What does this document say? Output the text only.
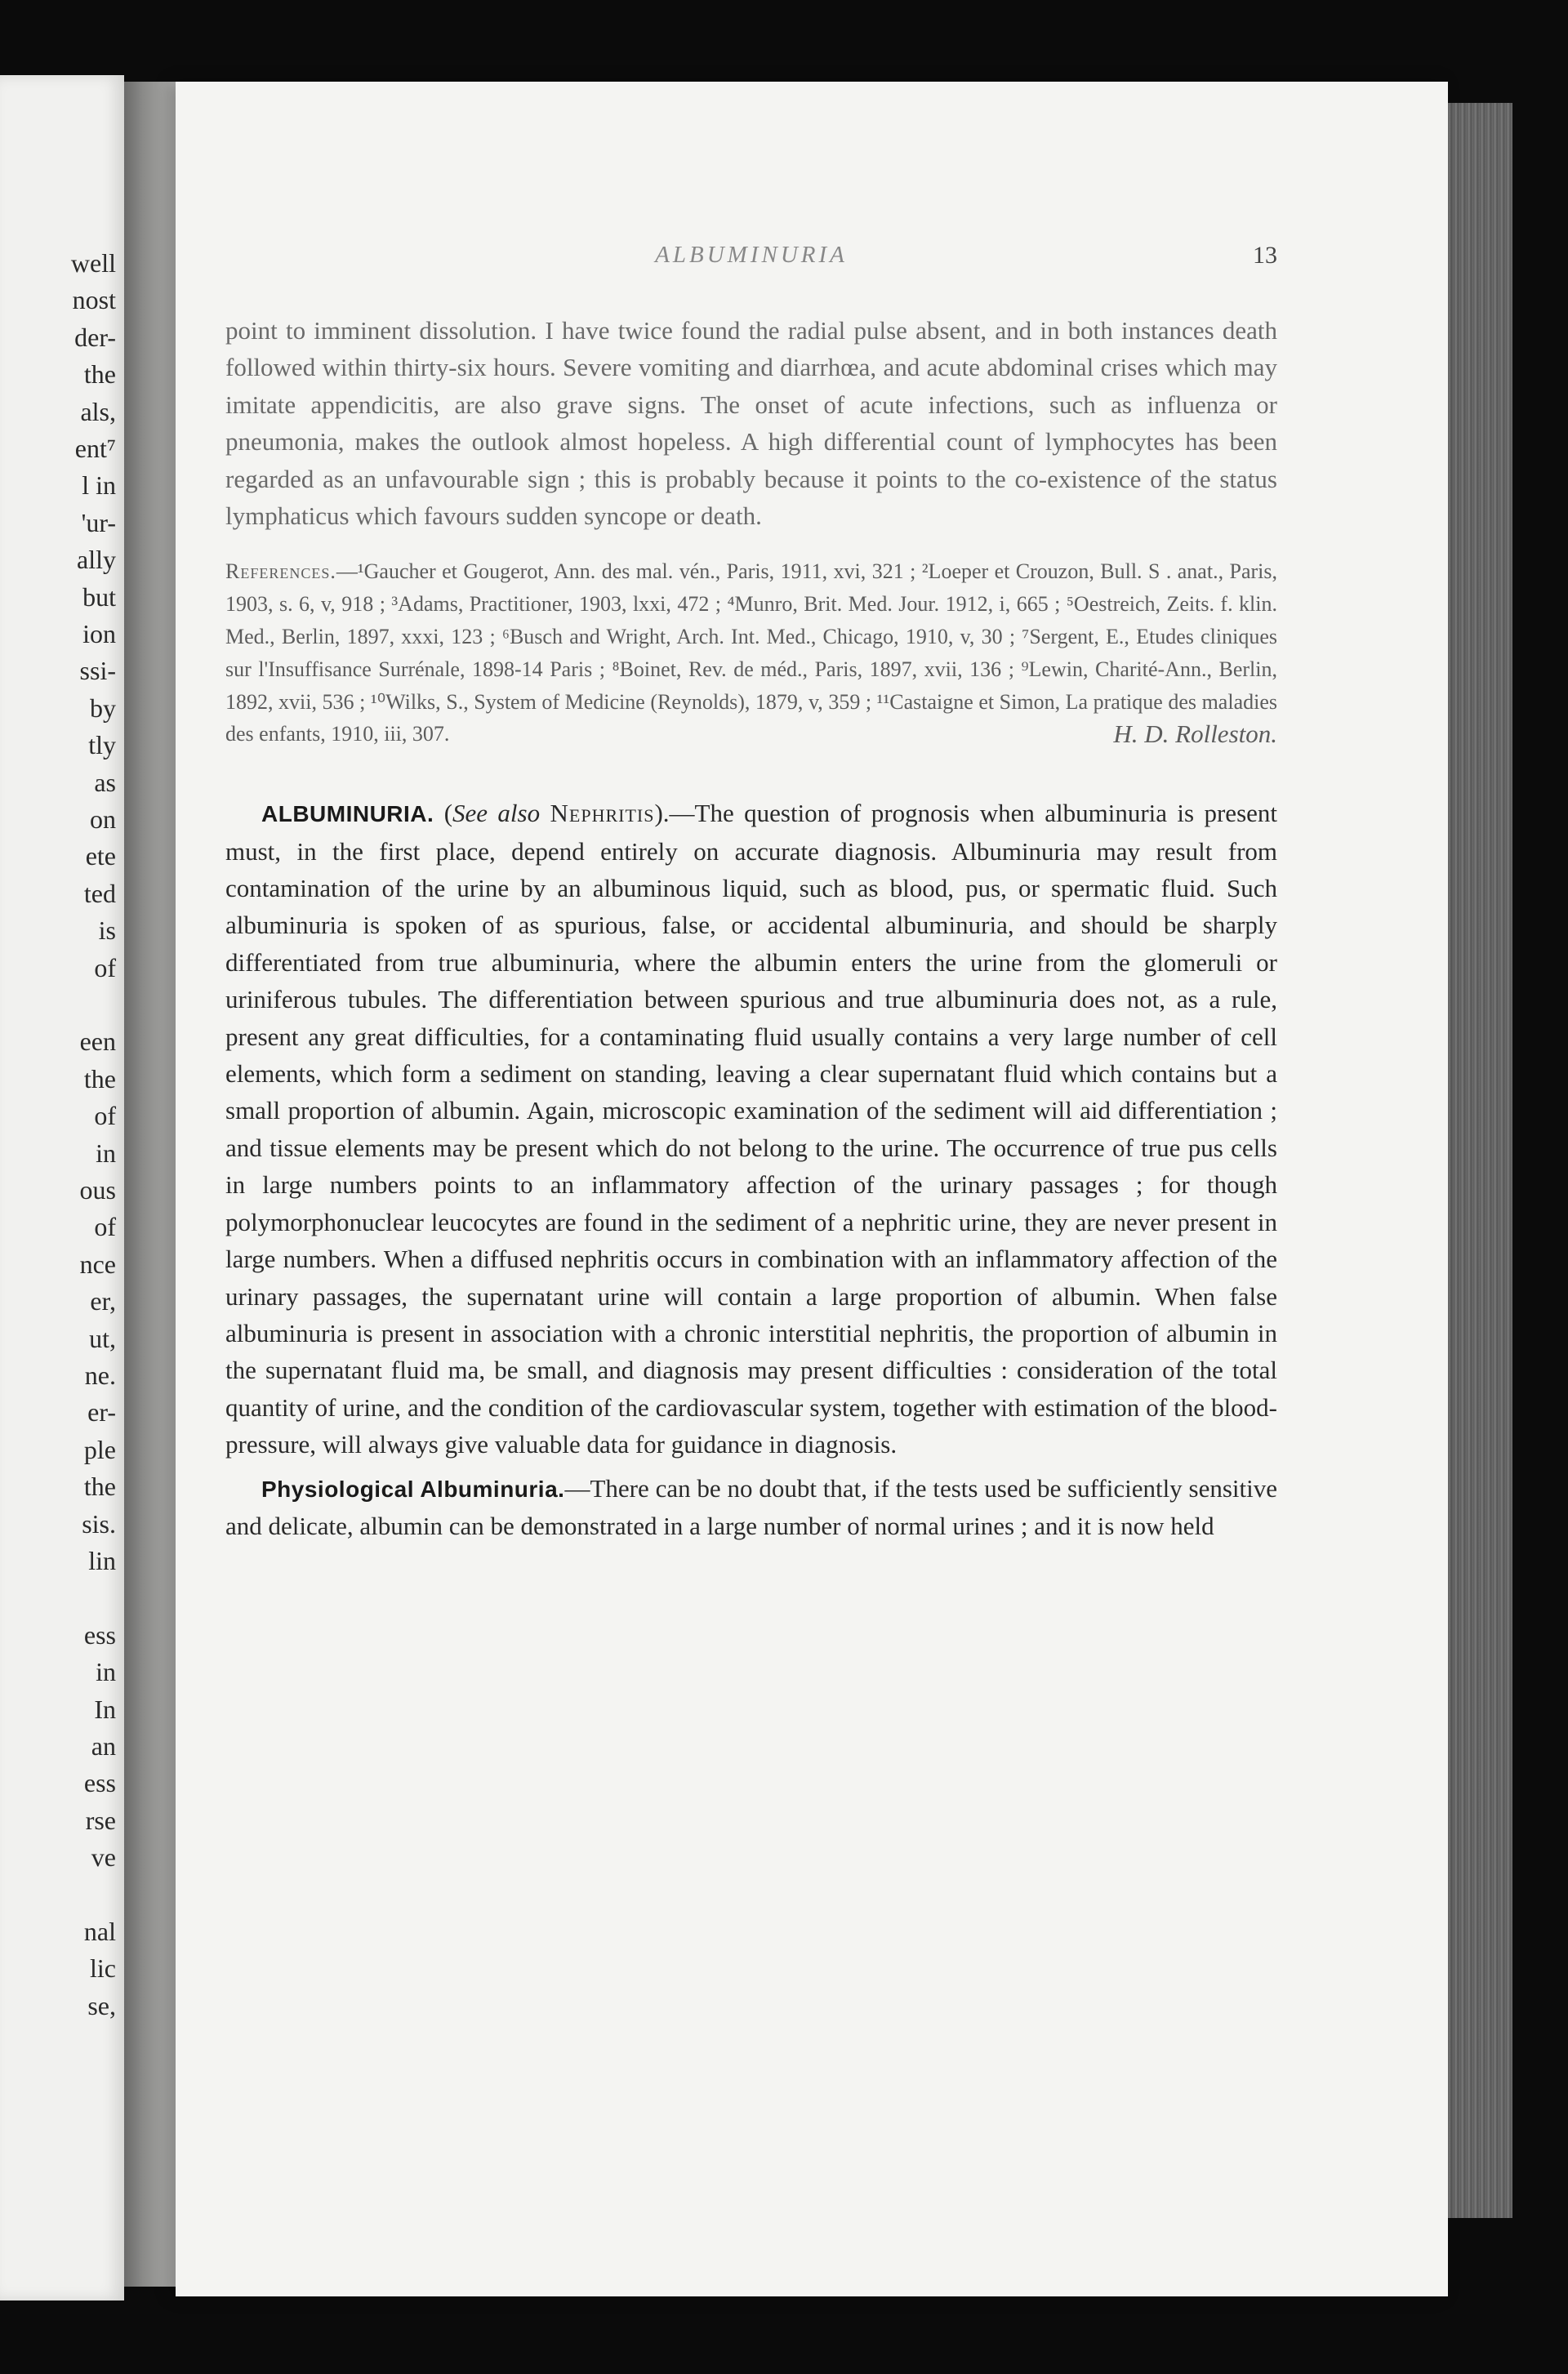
well

nost

der-

the

als,

ent⁷

l in

'ur-

ally

but

ion

ssi-

by

tly

as

on

ete

ted

is

of

een

the

of

in

ous

of

nce

er,

ut,

ne.

er-

ple

the

sis.

lin

ess

in

In

an

ess

rse

ve

nal

lic

se,

ALBUMINURIA	13

point to imminent dissolution. I have twice found the radial pulse absent, and in both instances death followed within thirty-six hours. Severe vomiting and diarrhœa, and acute abdominal crises which may imitate appendicitis, are also grave signs. The onset of acute infections, such as influenza or pneumonia, makes the outlook almost hopeless. A high differential count of lymphocytes has been regarded as an unfavourable sign ; this is probably because it points to the co-existence of the status lymphaticus which favours sudden syncope or death.

References.—¹Gaucher et Gougerot, Ann. des mal. vén., Paris, 1911, xvi, 321 ; ²Loeper et Crouzon, Bull. S . anat., Paris, 1903, s. 6, v, 918 ; ³Adams, Practitioner, 1903, lxxi, 472 ; ⁴Munro, Brit. Med. Jour. 1912, i, 665 ; ⁵Oestreich, Zeits. f. klin. Med., Berlin, 1897, xxxi, 123 ; ⁶Busch and Wright, Arch. Int. Med., Chicago, 1910, v, 30 ; ⁷Sergent, E., Etudes cliniques sur l'Insuffisance Surrénale, 1898-14 Paris ; ⁸Boinet, Rev. de méd., Paris, 1897, xvii, 136 ; ⁹Lewin, Charité-Ann., Berlin, 1892, xvii, 536 ; ¹⁰Wilks, S., System of Medicine (Reynolds), 1879, v, 359 ; ¹¹Castaigne et Simon, La pratique des maladies des enfants, 1910, iii, 307.	H. D. Rolleston.

ALBUMINURIA. (See also Nephritis).—The question of prognosis when albuminuria is present must, in the first place, depend entirely on accurate diagnosis. Albuminuria may result from contamination of the urine by an albuminous liquid, such as blood, pus, or spermatic fluid. Such albuminuria is spoken of as spurious, false, or accidental albuminuria, and should be sharply differentiated from true albuminuria, where the albumin enters the urine from the glomeruli or uriniferous tubules. The differentiation between spurious and true albuminuria does not, as a rule, present any great difficulties, for a contaminating fluid usually contains a very large number of cell elements, which form a sediment on standing, leaving a clear supernatant fluid which contains but a small proportion of albumin. Again, microscopic examination of the sediment will aid differentiation ; and tissue elements may be present which do not belong to the urine. The occurrence of true pus cells in large numbers points to an inflammatory affection of the urinary passages ; for though polymorphonuclear leucocytes are found in the sediment of a nephritic urine, they are never present in large numbers. When a diffused nephritis occurs in combination with an inflammatory affection of the urinary passages, the supernatant urine will contain a large proportion of albumin. When false albuminuria is present in association with a chronic interstitial nephritis, the proportion of albumin in the supernatant fluid ma, be small, and diagnosis may present difficulties : consideration of the total quantity of urine, and the condition of the cardiovascular system, together with estimation of the blood-pressure, will always give valuable data for guidance in diagnosis.

Physiological Albuminuria.—There can be no doubt that, if the tests used be sufficiently sensitive and delicate, albumin can be demonstrated in a large number of normal urines ; and it is now held
